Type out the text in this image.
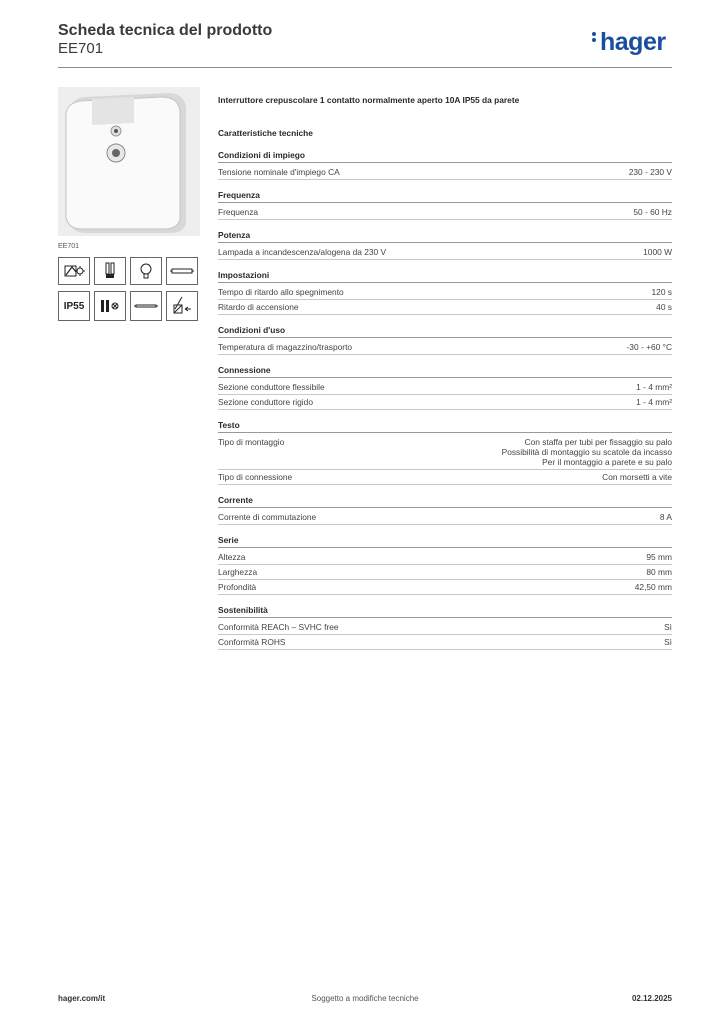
Scheda tecnica del prodotto
EE701	hager
EE701
IP55
Interruttore crepuscolare 1 contatto normalmente aperto 10A IP55 da parete
Caratteristiche tecniche
Condizioni di impiego
Tensione nominale d'impiego CA	230 - 230 V
Frequenza
Frequenza	50 - 60 Hz
Potenza
Lampada a incandescenza/alogena da 230 V	1000 W
Impostazioni
Tempo di ritardo allo spegnimento	120 s
Ritardo di accensione	40 s
Condizioni d'uso
Temperatura di magazzino/trasporto	-30 - +60 °C
Connessione
Sezione conduttore flessibile	1 - 4 mm²
Sezione conduttore rigido	1 - 4 mm²
Testo
Tipo di montaggio	Con staffa per tubi per fissaggio su palo
Possibilità di montaggio su scatole da incasso
Per il montaggio a parete e su palo
Tipo di connessione	Con morsetti a vite
Corrente
Corrente di commutazione	8 A
Serie
Altezza	95 mm
Larghezza	80 mm
Profondità	42,50 mm
Sostenibilità
Conformità REACh – SVHC free	Sì
Conformità ROHS	Sì
hager.com/it	Soggetto a modifiche tecniche	02.12.2025
